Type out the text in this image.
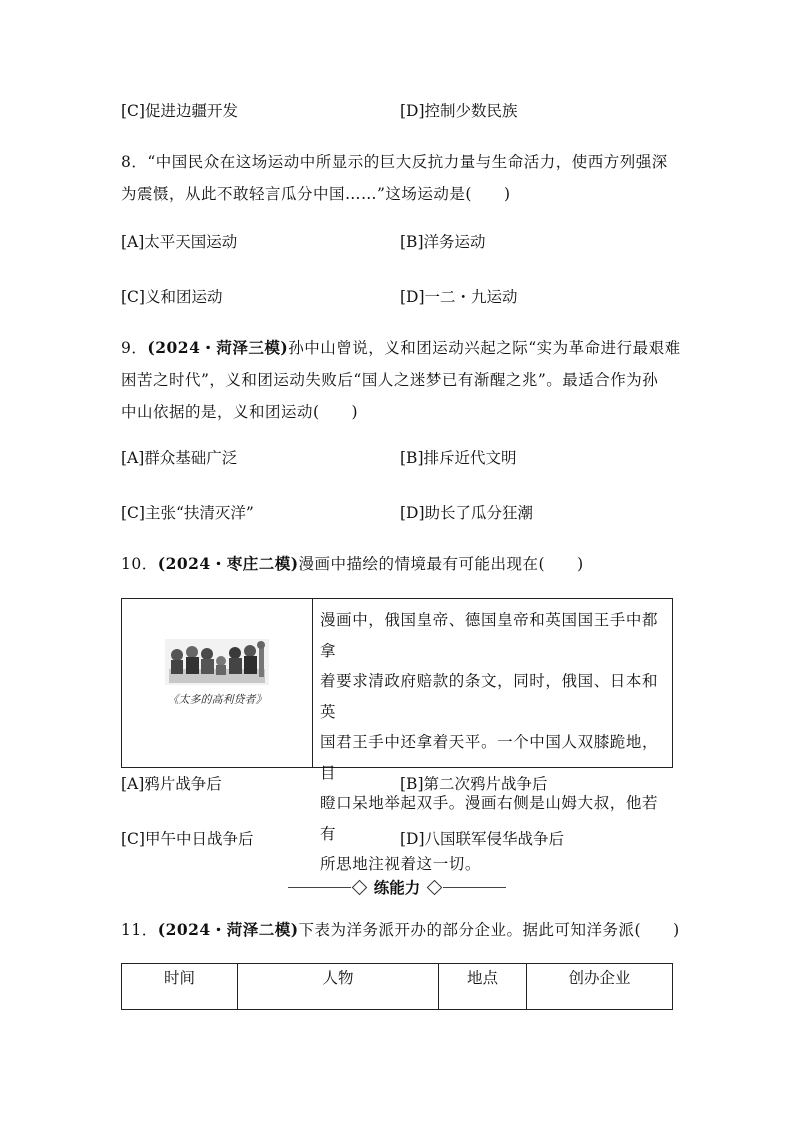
[C]促进边疆开发	[D]控制少数民族
8．“中国民众在这场运动中所显示的巨大反抗力量与生命活力，使西方列强深
为震慑，从此不敢轻言瓜分中国……”这场运动是(　　)
[A]太平天国运动	[B]洋务运动
[C]义和团运动	[D]一二・九运动
9．(2024・菏泽三模)孙中山曾说，义和团运动兴起之际“实为革命进行最艰难
困苦之时代”，义和团运动失败后“国人之迷梦已有渐醒之兆”。最适合作为孙
中山依据的是，义和团运动(　　)
[A]群众基础广泛	[B]排斥近代文明
[C]主张“扶清灭洋”	[D]助长了瓜分狂潮
10．(2024・枣庄二模)漫画中描绘的情境最有可能出现在(　　)
《太多的高利贷者》
漫画中，俄国皇帝、德国皇帝和英国国王手中都拿
着要求清政府赔款的条文，同时，俄国、日本和英
国君王手中还拿着天平。一个中国人双膝跪地，目
瞪口呆地举起双手。漫画右侧是山姆大叔，他若有
所思地注视着这一切。
[A]鸦片战争后	[B]第二次鸦片战争后
[C]甲午中日战争后	[D]八国联军侵华战争后
练能力
11．(2024・菏泽二模)下表为洋务派开办的部分企业。据此可知洋务派(　　)
时间	人物	地点	创办企业
